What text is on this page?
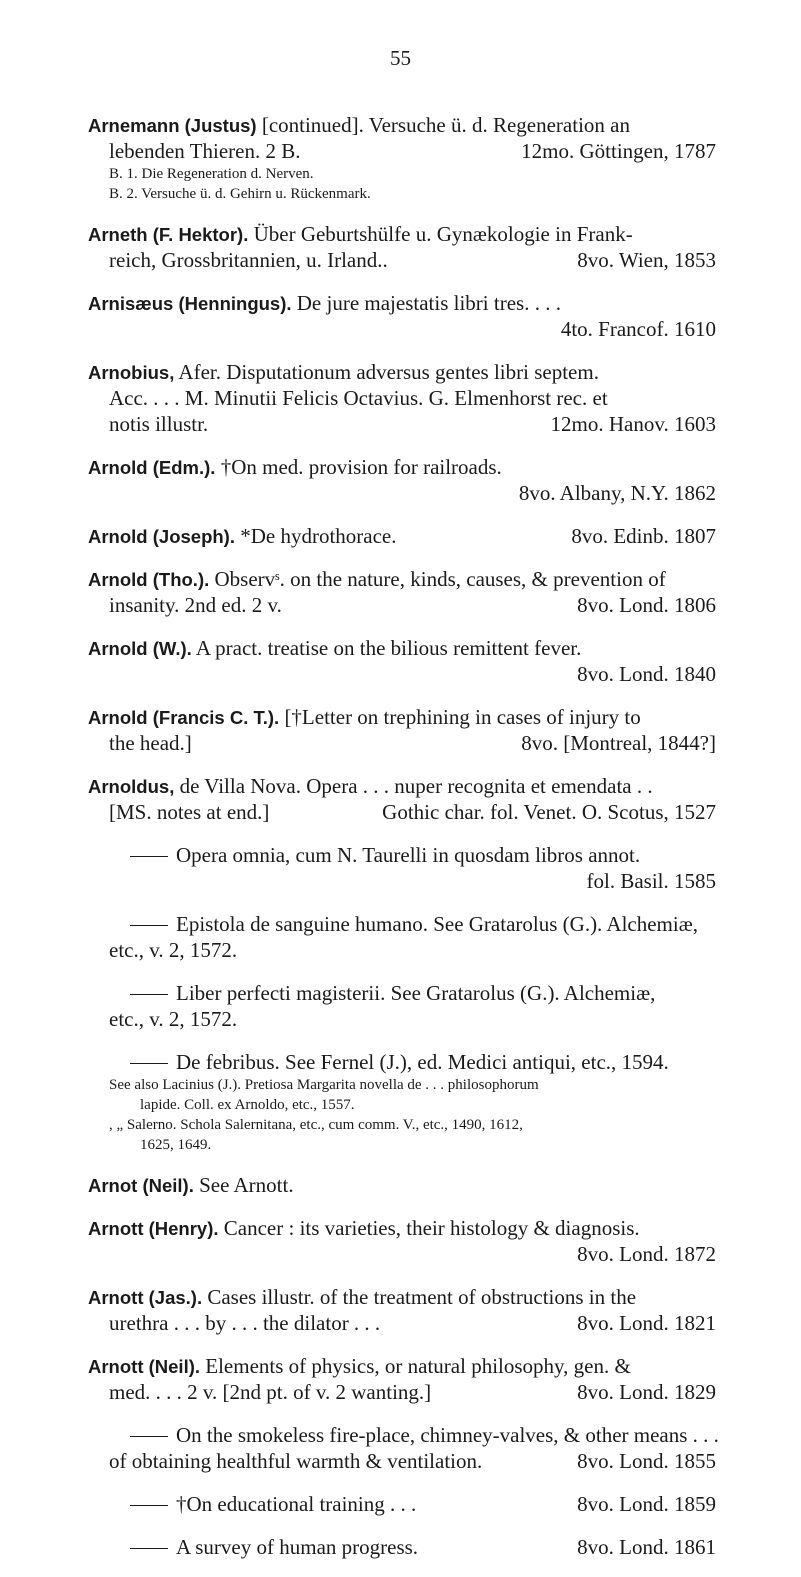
55
Arnemann (Justus) [continued]. Versuche ü. d. Regeneration an
lebenden Thieren. 2 B.	12mo. Göttingen, 1787
B. 1. Die Regeneration d. Nerven.
B. 2. Versuche ü. d. Gehirn u. Rückenmark.
Arneth (F. Hektor). Über Geburtshülfe u. Gynækologie in Frank-
reich, Grossbritannien, u. Irland..	8vo. Wien, 1853
Arnisæus (Henningus). De jure majestatis libri tres. . . .
4to. Francof. 1610
Arnobius, Afer. Disputationum adversus gentes libri septem.
Acc. . . . M. Minutii Felicis Octavius. G. Elmenhorst rec. et
notis illustr.	12mo. Hanov. 1603
Arnold (Edm.). †On med. provision for railroads.
8vo. Albany, N.Y. 1862
Arnold (Joseph). *De hydrothorace.	8vo. Edinb. 1807
Arnold (Tho.). Observˢ. on the nature, kinds, causes, & prevention of
insanity. 2nd ed. 2 v.	8vo. Lond. 1806
Arnold (W.). A pract. treatise on the bilious remittent fever.
8vo. Lond. 1840
Arnold (Francis C. T.). [†Letter on trephining in cases of injury to
the head.]	8vo. [Montreal, 1844?]
Arnoldus, de Villa Nova. Opera . . . nuper recognita et emendata . .
[MS. notes at end.]	Gothic char. fol. Venet. O. Scotus, 1527
Opera omnia, cum N. Taurelli in quosdam libros annot.
fol. Basil. 1585
Epistola de sanguine humano. See Gratarolus (G.). Alchemiæ,
etc., v. 2, 1572.
Liber perfecti magisterii. See Gratarolus (G.). Alchemiæ,
etc., v. 2, 1572.
De febribus. See Fernel (J.), ed. Medici antiqui, etc., 1594.
See also Lacinius (J.). Pretiosa Margarita novella de . . . philosophorum
lapide. Coll. ex Arnoldo, etc., 1557.
, „ Salerno. Schola Salernitana, etc., cum comm. V., etc., 1490, 1612,
1625, 1649.
Arnot (Neil). See Arnott.
Arnott (Henry). Cancer : its varieties, their histology & diagnosis.
8vo. Lond. 1872
Arnott (Jas.). Cases illustr. of the treatment of obstructions in the
urethra . . . by . . . the dilator . . .	8vo. Lond. 1821
Arnott (Neil). Elements of physics, or natural philosophy, gen. &
med. . . . 2 v. [2nd pt. of v. 2 wanting.]	8vo. Lond. 1829
On the smokeless fire-place, chimney-valves, & other means . . .
of obtaining healthful warmth & ventilation.	8vo. Lond. 1855
†On educational training . . .	8vo. Lond. 1859
A survey of human progress.	8vo. Lond. 1861
